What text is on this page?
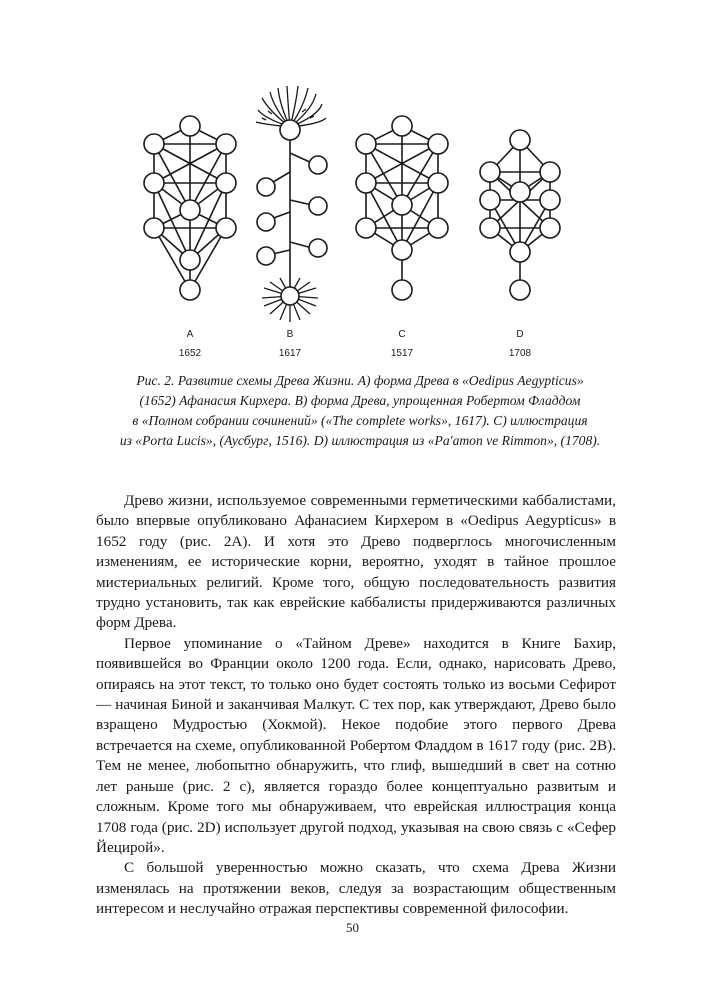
A
1652
B
1617
C
1517
D
1708
Рис. 2. Развитие схемы Древа Жизни. А) форма Древа в «Oedipus Aegypticus»
(1652) Афанасия Кирхера. В) форма Древа, упрощенная Робертом Фладдом
в «Полном собрании сочинений» («The complete works», 1617). С) иллюстрация
из «Porta Lucis», (Аусбург, 1516). D) иллюстрация из «Pa'amon ve Rimmon», (1708).

Древо жизни, используемое современными герметическими каббалистами, было впервые опубликовано Афанасием Кирхером в «Oedipus Aegypticus» в 1652 году (рис. 2А). И хотя это Древо подверглось многочисленным изменениям, ее исторические корни, вероятно, уходят в тайное прошлое мистериальных религий. Кроме того, общую последовательность развития трудно установить, так как еврейские каббалисты придерживаются различных форм Древа.

Первое упоминание о «Тайном Древе» находится в Книге Бахир, появившейся во Франции около 1200 года. Если, однако, нарисовать Древо, опираясь на этот текст, то только оно будет состоять только из восьми Сефирот — начиная Биной и заканчивая Малкут. С тех пор, как утверждают, Древо было взращено Мудростью (Хокмой). Некое подобие этого первого Древа встречается на схеме, опубликованной Робертом Фладдом в 1617 году (рис. 2В). Тем не менее, любопытно обнаружить, что глиф, вышедший в свет на сотню лет раньше (рис. 2 с), является гораздо более концептуально развитым и сложным. Кроме того мы обнаруживаем, что еврейская иллюстрация конца 1708 года (рис. 2D) использует другой подход, указывая на свою связь с «Сефер Йецирой».

С большой уверенностью можно сказать, что схема Древа Жизни изменялась на протяжении веков, следуя за возрастающим общественным интересом и неслучайно отражая перспективы современной философии.

50
